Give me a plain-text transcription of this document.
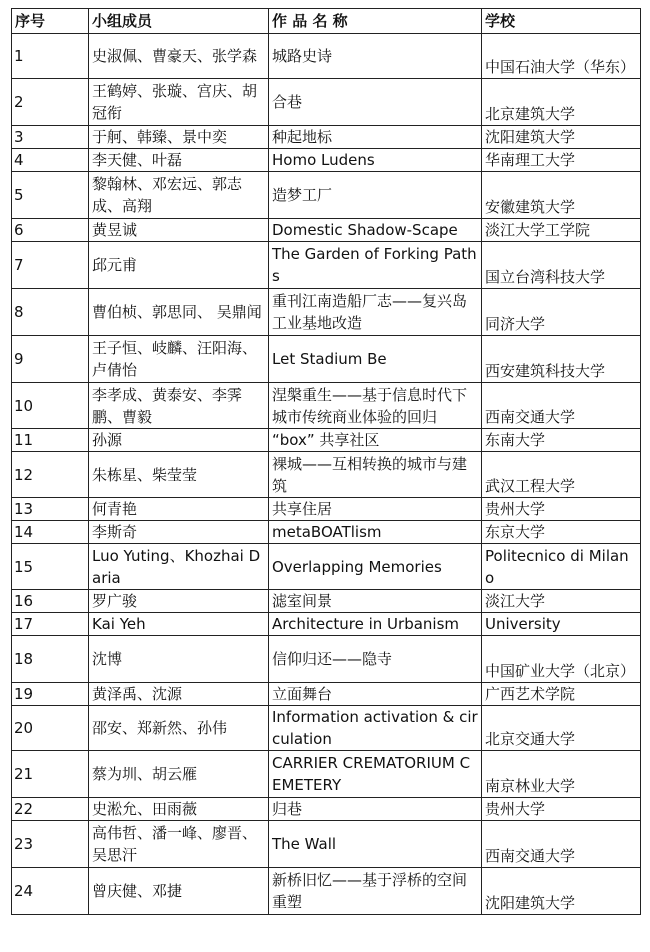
序号	小组成员	作 品 名 称	学校
1	史淑佩、曹豪天、张学森	城路史诗	中国石油大学（华东）
2	王鹤婷、张璇、宫庆、胡冠衔	合巷	北京建筑大学
3	于舸、韩臻、景中奕	种起地标	沈阳建筑大学
4	李天健、叶磊	Homo Ludens	华南理工大学
5	黎翰林、邓宏远、郭志成、高翔	造梦工厂	安徽建筑大学
6	黄昱诚	Domestic Shadow-Scape	淡江大学工学院
7	邱元甫	The Garden of Forking Paths	国立台湾科技大学
8	曹伯桢、郭思同、 吴鼎闻	重刊江南造船厂志——复兴岛工业基地改造	同济大学
9	王子恒、岐麟、汪阳海、卢倩怡	Let Stadium Be	西安建筑科技大学
10	李孝成、黄泰安、李霁鹏、曹毅	涅槃重生——基于信息时代下城市传统商业体验的回归	西南交通大学
11	孙源	“box” 共享社区	东南大学
12	朱栋星、柴莹莹	裸城——互相转换的城市与建筑	武汉工程大学
13	何青艳	共享住居	贵州大学
14	李斯奇	metaBOATlism	东京大学
15	Luo Yuting、Khozhai Daria	Overlapping Memories	Politecnico di Milano
16	罗广骏	滤室间景	淡江大学
17	Kai Yeh	Architecture in Urbanism	University
18	沈博	信仰归还——隐寺	中国矿业大学（北京）
19	黄泽禹、沈源	立面舞台	广西艺术学院
20	邵安、郑新然、孙伟	Information activation & circulation	北京交通大学
21	蔡为圳、胡云雁	CARRIER CREMATORIUM CEMETERY	南京林业大学
22	史淞允、田雨薇	归巷	贵州大学
23	高伟哲、潘一峰、廖晋、吴思汗	The Wall	西南交通大学
24	曾庆健、邓捷	新桥旧忆——基于浮桥的空间重塑	沈阳建筑大学
